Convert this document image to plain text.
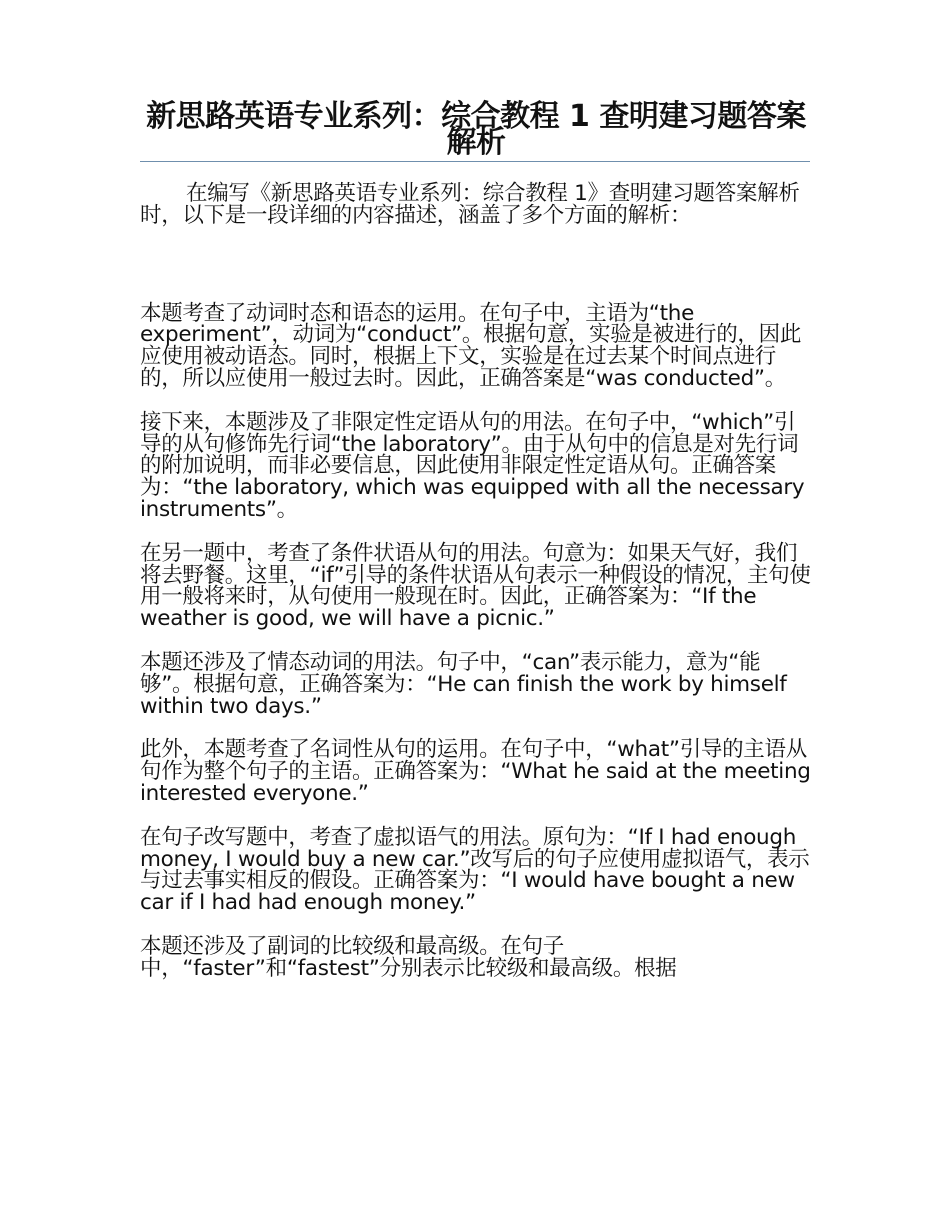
新思路英语专业系列：综合教程 1 查明建习题答案解析

在编写《新思路英语专业系列：综合教程 1》查明建习题答案解析时，以下是一段详细的内容描述，涵盖了多个方面的解析：

本题考查了动词时态和语态的运用。在句子中，主语为“the experiment”，动词为“conduct”。根据句意，实验是被进行的，因此应使用被动语态。同时，根据上下文，实验是在过去某个时间点进行的，所以应使用一般过去时。因此，正确答案是“was conducted”。

接下来，本题涉及了非限定性定语从句的用法。在句子中，“which”引导的从句修饰先行词“the laboratory”。由于从句中的信息是对先行词的附加说明，而非必要信息，因此使用非限定性定语从句。正确答案为：“the laboratory, which was equipped with all the necessary instruments”。

在另一题中，考查了条件状语从句的用法。句意为：如果天气好，我们将去野餐。这里，“if”引导的条件状语从句表示一种假设的情况，主句使用一般将来时，从句使用一般现在时。因此，正确答案为：“If the weather is good, we will have a picnic.”

本题还涉及了情态动词的用法。句子中，“can”表示能力，意为“能够”。根据句意，正确答案为：“He can finish the work by himself within two days.”

此外，本题考查了名词性从句的运用。在句子中，“what”引导的主语从句作为整个句子的主语。正确答案为：“What he said at the meeting interested everyone.”

在句子改写题中，考查了虚拟语气的用法。原句为：“If I had enough money, I would buy a new car.”改写后的句子应使用虚拟语气，表示与过去事实相反的假设。正确答案为：“I would have bought a new car if I had had enough money.”

本题还涉及了副词的比较级和最高级。在句子中，“faster”和“fastest”分别表示比较级和最高级。根据
